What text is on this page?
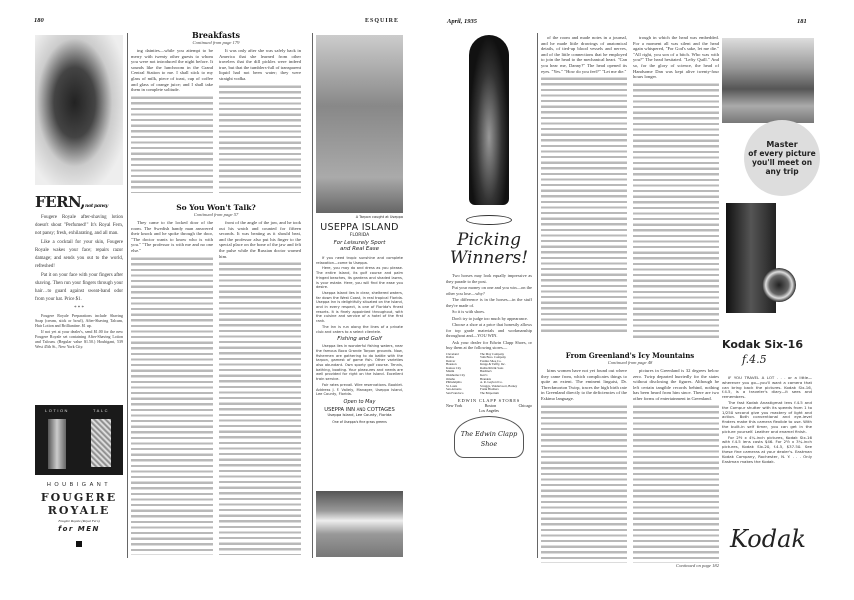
180	ESQUIRE	April, 1935	181
FERN,not pansy

Fougere Royale after-shaving lotion doesn't shout "Perfumed!" It's Royal Fern, not pansy; fresh, exhilarating, and all man.

Like a cocktail for your skin, Fougere Royale wakes your face; repairs razor damage; and sends you out to the world, refreshed!

Pat it on your face with your fingers after shaving. Then run your fingers through your hair…to guard against sweat-band odor from your hat. Price $1.

* * *

Fougere Royale Preparations include Shaving Soap (cream, stick or bowl), After-Shaving Talcum, Hair Lotion and Brilliantine. $1 up.

If not yet at your dealer's, send $1.00 for the new Fougere Royale set containing After-Shaving Lotion and Talcum. (Regular value $1.50.) Houbigant, 539 West 45th St., New York City.

LOTION	TALC
HOUBIGANT
FOUGERE
ROYALE
Fougère Royale (Royal Fern)
for MEN
Breakfasts
Continued from page 179

ing dainties—while you attempt to be merry with twenty other guests to whom you were not introduced the night before. It sounds like the lunchroom in the Grand Central Station to me. I shall stick to my glass of milk, piece of toast, cup of coffee and glass of orange juice; and I shall take them in complete solitude.

It was only after she was safely back in America that she learned from other travelers that the dill pickles were indeed true, but that the tumblers-full of transparent liquid had not been water; they were straight vodka.

So You Won't Talk?
Continued from page 57

They came to the locked door of the room. The Swedish handy man answered their knock and he spoke through the door, "The doctor wants to know who is with you." "The professor is with me and no one else."

front of the angle of the jaw, and he took out his watch and counted for fifteen seconds. It was beating as it should beat, and the professor also put his finger to the special place on the bone of the jaw and felt the pulse while the Russian doctor warned him.

A Tarpon caught at Useppa
USEPPA ISLAND
FLORIDA
For Leisurely Sport
and Real Ease

If you need tropic sunshine and complete relaxation—come to Useppa.

Here, you may do and dress as you please. The entire Island, its golf course and palm fringed beaches, its gardens and shaded lawns, is your estate. Here, you will find the ease you desire.

Useppa Island lies in clear, sheltered waters, far down the West Coast, in real tropical Florida. Useppa Inn is delightfully situated on the Island, and in every respect, is one of Florida's finest resorts. It is finely appointed throughout, with the cuisine and service of a hotel of the first rank.

The Inn is run along the lines of a private club and caters to a select clientele.

Fishing and Golf

Useppa lies in wonderful fishing waters, near the famous Boca Grande Tarpon grounds. Now, fishermen are gathering to do battle with the tarpon, gamest of game fish. Other varieties also abundant. Own sporty golf course. Tennis, bathing, boating. Your pleasures and needs are well provided for right on the Island. Excellent train service.

Fair rates prevail. Wire reservations. Booklet. Address J. F. Valiely, Manager, Useppa Island, Lee County, Florida.

Open to May
USEPPA INN and COTTAGES
Useppa Island, Lee County, Florida
One of Useppa's fine grass greens
Picking
Winners!

Two horses may look equally impressive as they parade to the post.

Put your money on one and you win—on the other you lose—why?

The difference is in the horses—in the stuff they're made of.

So it is with shoes.

Don't try to judge too much by appearance.

Choose a shoe at a price that honestly allows for top grade materials and workmanship throughout and—YOU WIN.

Ask your dealer for Edwin Clapp Shoes, or buy them at the following stores—

Cleveland	The May Company
Dallas	Volk Bros. Company
Denver	Fontius Shoe Co.
Houston	Krupp & Tuffly, Inc.
Kansas City	Rothschild & Sons
Miami	Burdine's
Oklahoma City	Kerr's
Omaha	Brandeis
Philadelphia	A. R. Gaylord Co.
St. Louis	Scruggs, Vandervoort, Barney
San Antonio	Frank Brothers
San Francisco	The Emporium
EDWIN CLAPP STORES
New York	Boston	Chicago
Los Angeles
The Edwin Clapp Shoe

of the room and made notes in a journal, and he made little drawings of anatomical details, of tied-up blood vessels and nerves, and of the little connections that he employed to join the head to the mechanical heart. "Can you hear me, Danny?" The head opened its eyes. "Yes." "How do you feel?" "Let me die."

trough in which the head was embedded. For a moment all was silent and the head again whispered, "For God's sake, let me die." "All right, you son of a bitch. Who was with you?" The head hesitated. "Lefty Quill." And so, for the glory of science, the head of Handsome Dan was kept alive twenty-four hours longer.

From Greenland's Icy Mountains
Continued from page 48

kims women have not yet found out where they came from, which complicates things to quite an extent. The eminent linguist, Dr. Threckmorton Twirp, traces the high birth rate in Greenland directly to the deficiencies of the Eskimo language.

pictures in Greenland is 32 degrees below zero. Twirp departed hurriedly for the states without disclosing the figures. Although he left certain tangible records behind, nothing has been heard from him since. There are two other forms of entertainment in Greenland.

Continued on page 182
Master
of every picture
you'll meet on
any trip
Kodak Six-16
f.4.5

IF YOU TRAVEL A LOT . . . or a little—wherever you go—you'll want a camera that can bring back the pictures. Kodak Six-16, f.4.5, is a traveler's diary—it sees and remembers.

The fast Kodak Anastigmat lens f.4.5 and the Compur shutter with its speeds from 1 to 1/250 second give you mastery of light and action. Both conventional and eye-level finders make this camera flexible to use. With the built-in self timer, you can get in the picture yourself. Leather and enamel finish.

For 2½ x 4¼-inch pictures, Kodak Six-16 with f.4.5 lens costs $46. For 2½ x 3¼-inch pictures, Kodak Six-20, f.4.5, $37.50. See these fine cameras at your dealer's. Eastman Kodak Company, Rochester, N. Y. . . . Only Eastman makes the Kodak.

Kodak
